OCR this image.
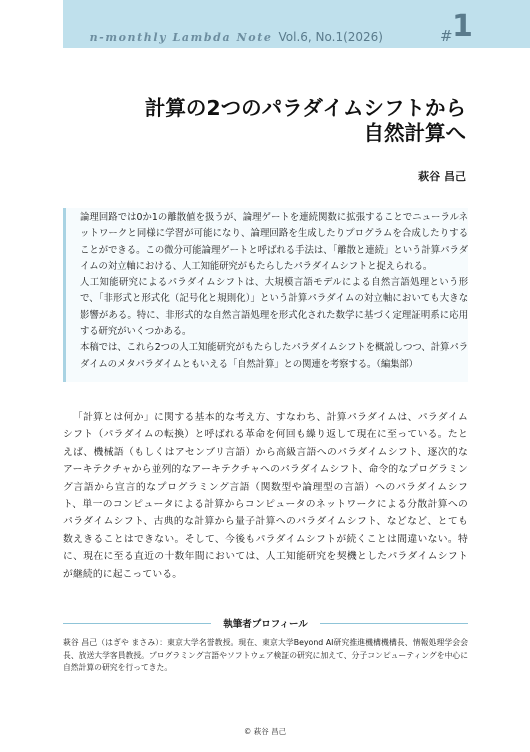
n-monthly Lambda Note Vol.6, No.1(2026)	# 1
計算の2つのパラダイムシフトから
自然計算へ
萩谷 昌己

論理回路では0か1の離散値を扱うが、論理ゲートを連続関数に拡張することでニューラルネットワークと同様に学習が可能になり、論理回路を生成したりプログラムを合成したりすることができる。この微分可能論理ゲートと呼ばれる手法は、「離散と連続」という計算パラダイムの対立軸における、人工知能研究がもたらしたパラダイムシフトと捉えられる。

人工知能研究によるパラダイムシフトは、大規模言語モデルによる自然言語処理という形で、「非形式と形式化（記号化と規則化）」という計算パラダイムの対立軸においても大きな影響がある。特に、非形式的な自然言語処理を形式化された数学に基づく定理証明系に応用する研究がいくつかある。

本稿では、これら2つの人工知能研究がもたらしたパラダイムシフトを概説しつつ、計算パラダイムのメタパラダイムともいえる「自然計算」との関連を考察する。（編集部）

「計算とは何か」に関する基本的な考え方、すなわち、計算パラダイムは、パラダイムシフト（パラダイムの転換）と呼ばれる革命を何回も繰り返して現在に至っている。たとえば、機械語（もしくはアセンブリ言語）から高級言語へのパラダイムシフト、逐次的なアーキテクチャから並列的なアーキテクチャへのパラダイムシフト、命令的なプログラミング言語から宣言的なプログラミング言語（関数型や論理型の言語）へのパラダイムシフト、単一のコンピュータによる計算からコンピュータのネットワークによる分散計算へのパラダイムシフト、古典的な計算から量子計算へのパラダイムシフト、などなど、とても数えきることはできない。そして、今後もパラダイムシフトが続くことは間違いない。特に、現在に至る直近の十数年間においては、人工知能研究を契機としたパラダイムシフトが継続的に起こっている。

執筆者プロフィール

萩谷 昌己（はぎや まさみ）：東京大学名誉教授。現在、東京大学Beyond AI研究推進機構機構長、情報処理学会会長、放送大学客員教授。プログラミング言語やソフトウェア検証の研究に加えて、分子コンピューティングを中心に自然計算の研究を行ってきた。

© 萩谷 昌己
